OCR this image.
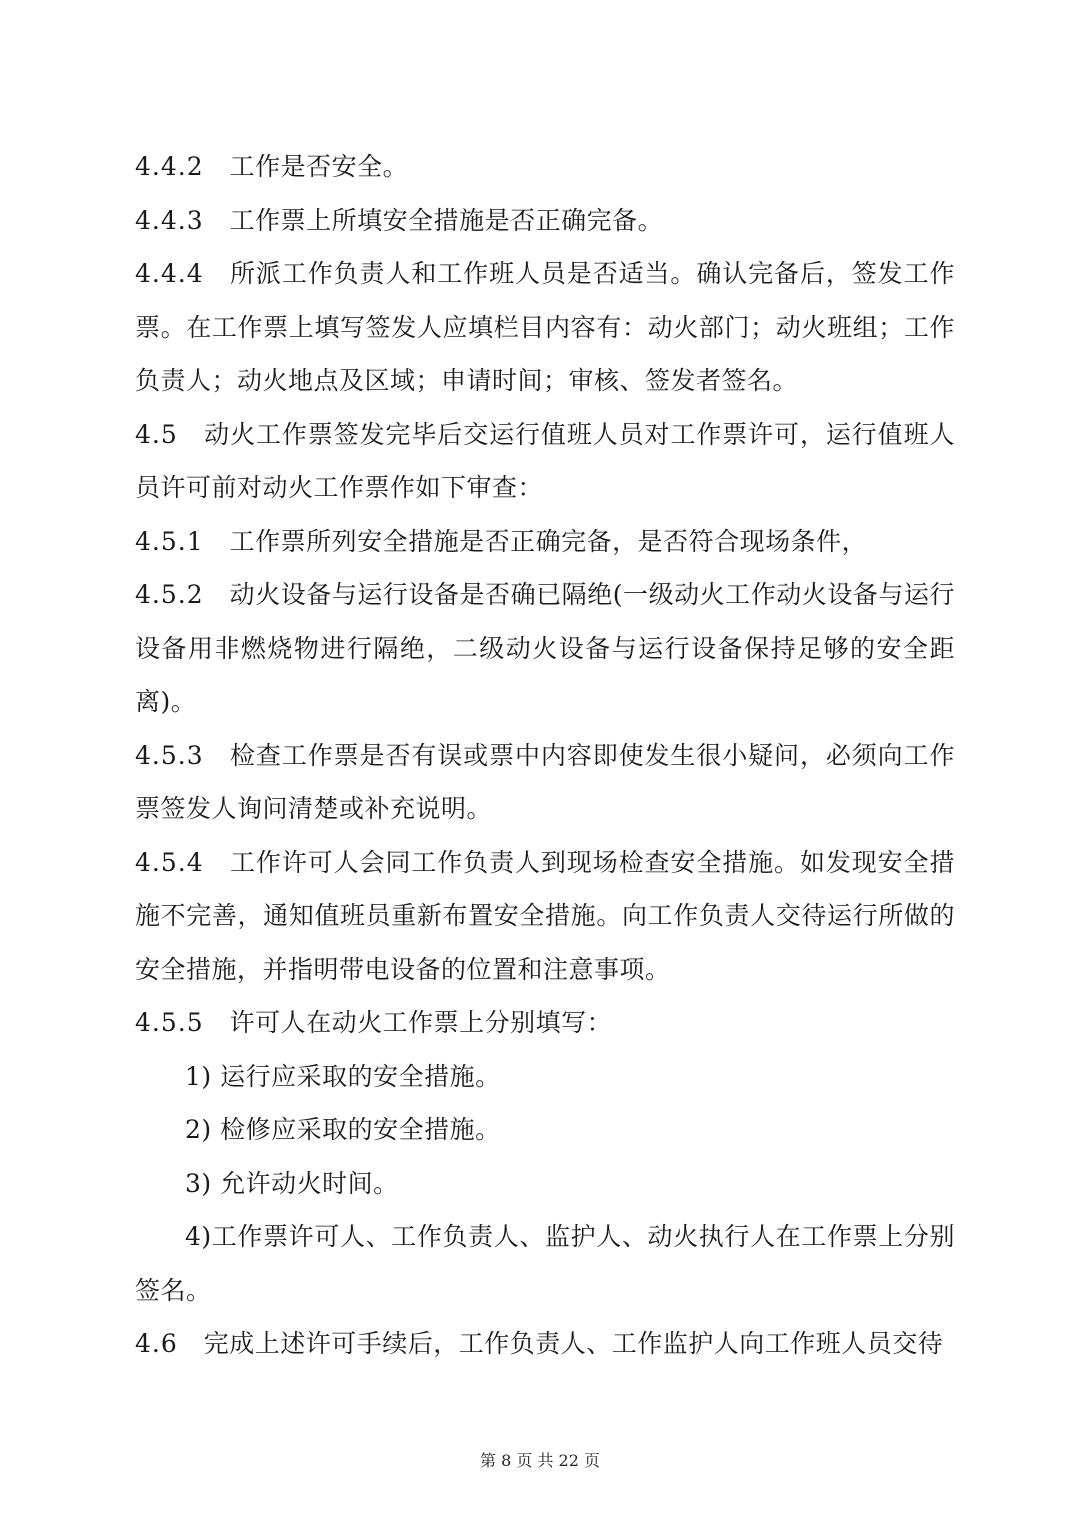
4.4.2　工作是否安全。

4.4.3　工作票上所填安全措施是否正确完备。

4.4.4　所派工作负责人和工作班人员是否适当。确认完备后，签发工作票。在工作票上填写签发人应填栏目内容有：动火部门；动火班组；工作负责人；动火地点及区域；申请时间；审核、签发者签名。

4.5　动火工作票签发完毕后交运行值班人员对工作票许可，运行值班人员许可前对动火工作票作如下审查：

4.5.1　工作票所列安全措施是否正确完备，是否符合现场条件，

4.5.2　动火设备与运行设备是否确已隔绝(一级动火工作动火设备与运行设备用非燃烧物进行隔绝，二级动火设备与运行设备保持足够的安全距离)。

4.5.3　检查工作票是否有误或票中内容即使发生很小疑问，必须向工作票签发人询问清楚或补充说明。

4.5.4　工作许可人会同工作负责人到现场检查安全措施。如发现安全措施不完善，通知值班员重新布置安全措施。向工作负责人交待运行所做的安全措施，并指明带电设备的位置和注意事项。

4.5.5　许可人在动火工作票上分别填写：

1) 运行应采取的安全措施。

2) 检修应采取的安全措施。

3) 允许动火时间。

4)工作票许可人、工作负责人、监护人、动火执行人在工作票上分别签名。

4.6　完成上述许可手续后，工作负责人、工作监护人向工作班人员交待

第 8 页 共 22 页
